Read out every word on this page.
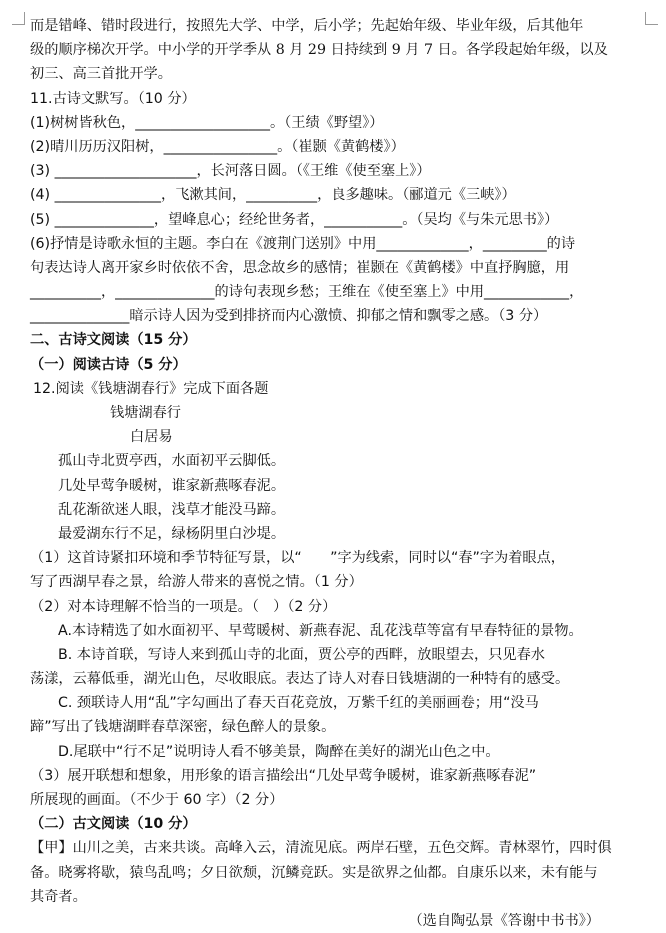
而是错峰、错时段进行，按照先大学、中学，后小学；先起始年级、毕业年级，后其他年
级的顺序梯次开学。中小学的开学季从 8 月 29 日持续到 9 月 7 日。各学段起始年级，以及
初三、高三首批开学。
11.古诗文默写。（10 分）
(1)树树皆秋色，___________________。（王绩《野望》）
(2)晴川历历汉阳树，________________。（崔颢《黄鹤楼》）
(3) ____________________，长河落日圆。（《王维《使至塞上》）
(4) _______________，飞漱其间，__________，良多趣味。（郦道元《三峡》）
(5) ______________，望峰息心；经纶世务者，___________。（吴均《与朱元思书》）
(6)抒情是诗歌永恒的主题。李白在《渡荆门送别》中用_____________，_________的诗
句表达诗人离开家乡时依依不舍，思念故乡的感情；崔颢在《黄鹤楼》中直抒胸臆，用
__________，______________的诗句表现乡愁；王维在《使至塞上》中用____________，
______________暗示诗人因为受到排挤而内心激愤、抑郁之情和飘零之感。（3 分）
二、古诗文阅读（15 分）
（一）阅读古诗（5 分）
12.阅读《钱塘湖春行》完成下面各题
钱塘湖春行
白居易
孤山寺北贾亭西，水面初平云脚低。
几处早莺争暖树，谁家新燕啄春泥。
乱花渐欲迷人眼，浅草才能没马蹄。
最爱湖东行不足，绿杨阴里白沙堤。
（1）这首诗紧扣环境和季节特征写景，以“　　”字为线索，同时以“春”字为着眼点，
写了西湖早春之景，给游人带来的喜悦之情。（1 分）
（2）对本诗理解不恰当的一项是。（　）（2 分）
A.本诗精选了如水面初平、早莺暖树、新燕春泥、乱花浅草等富有早春特征的景物。
B. 本诗首联，写诗人来到孤山寺的北面，贾公亭的西畔，放眼望去，只见春水
荡漾，云幕低垂，湖光山色，尽收眼底。表达了诗人对春日钱塘湖的一种特有的感受。
C. 颈联诗人用“乱”字勾画出了春天百花竞放，万紫千红的美丽画卷；用“没马
蹄”写出了钱塘湖畔春草深密，绿色醉人的景象。
D.尾联中“行不足”说明诗人看不够美景，陶醉在美好的湖光山色之中。
（3）展开联想和想象，用形象的语言描绘出“几处早莺争暖树，谁家新燕啄春泥”
所展现的画面。（不少于 60 字）（2 分）
（二）古文阅读（10 分）
【甲】山川之美，古来共谈。高峰入云，清流见底。两岸石壁，五色交辉。青林翠竹，四时俱
备。晓雾将歇，猿鸟乱鸣；夕日欲颓，沉鳞竞跃。实是欲界之仙都。自康乐以来，未有能与
其奇者。
（选自陶弘景《答谢中书书》）
